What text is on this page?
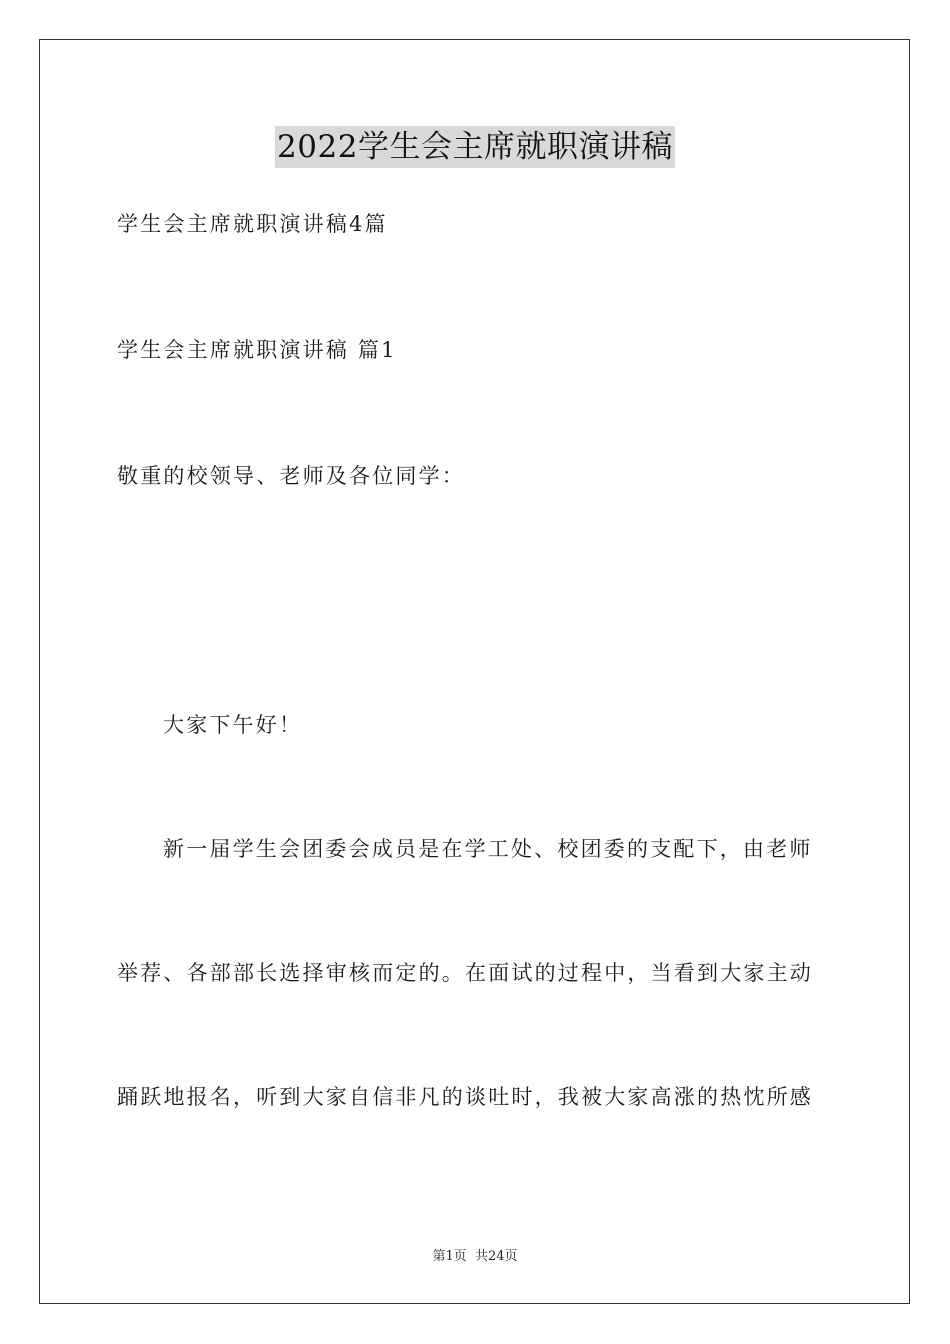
2022学生会主席就职演讲稿
学生会主席就职演讲稿4篇
学生会主席就职演讲稿 篇1
敬重的校领导、老师及各位同学：
大家下午好！
新一届学生会团委会成员是在学工处、校团委的支配下，由老师
举荐、各部部长选择审核而定的。在面试的过程中，当看到大家主动
踊跃地报名，听到大家自信非凡的谈吐时，我被大家高涨的热忱所感
第1页 共24页
